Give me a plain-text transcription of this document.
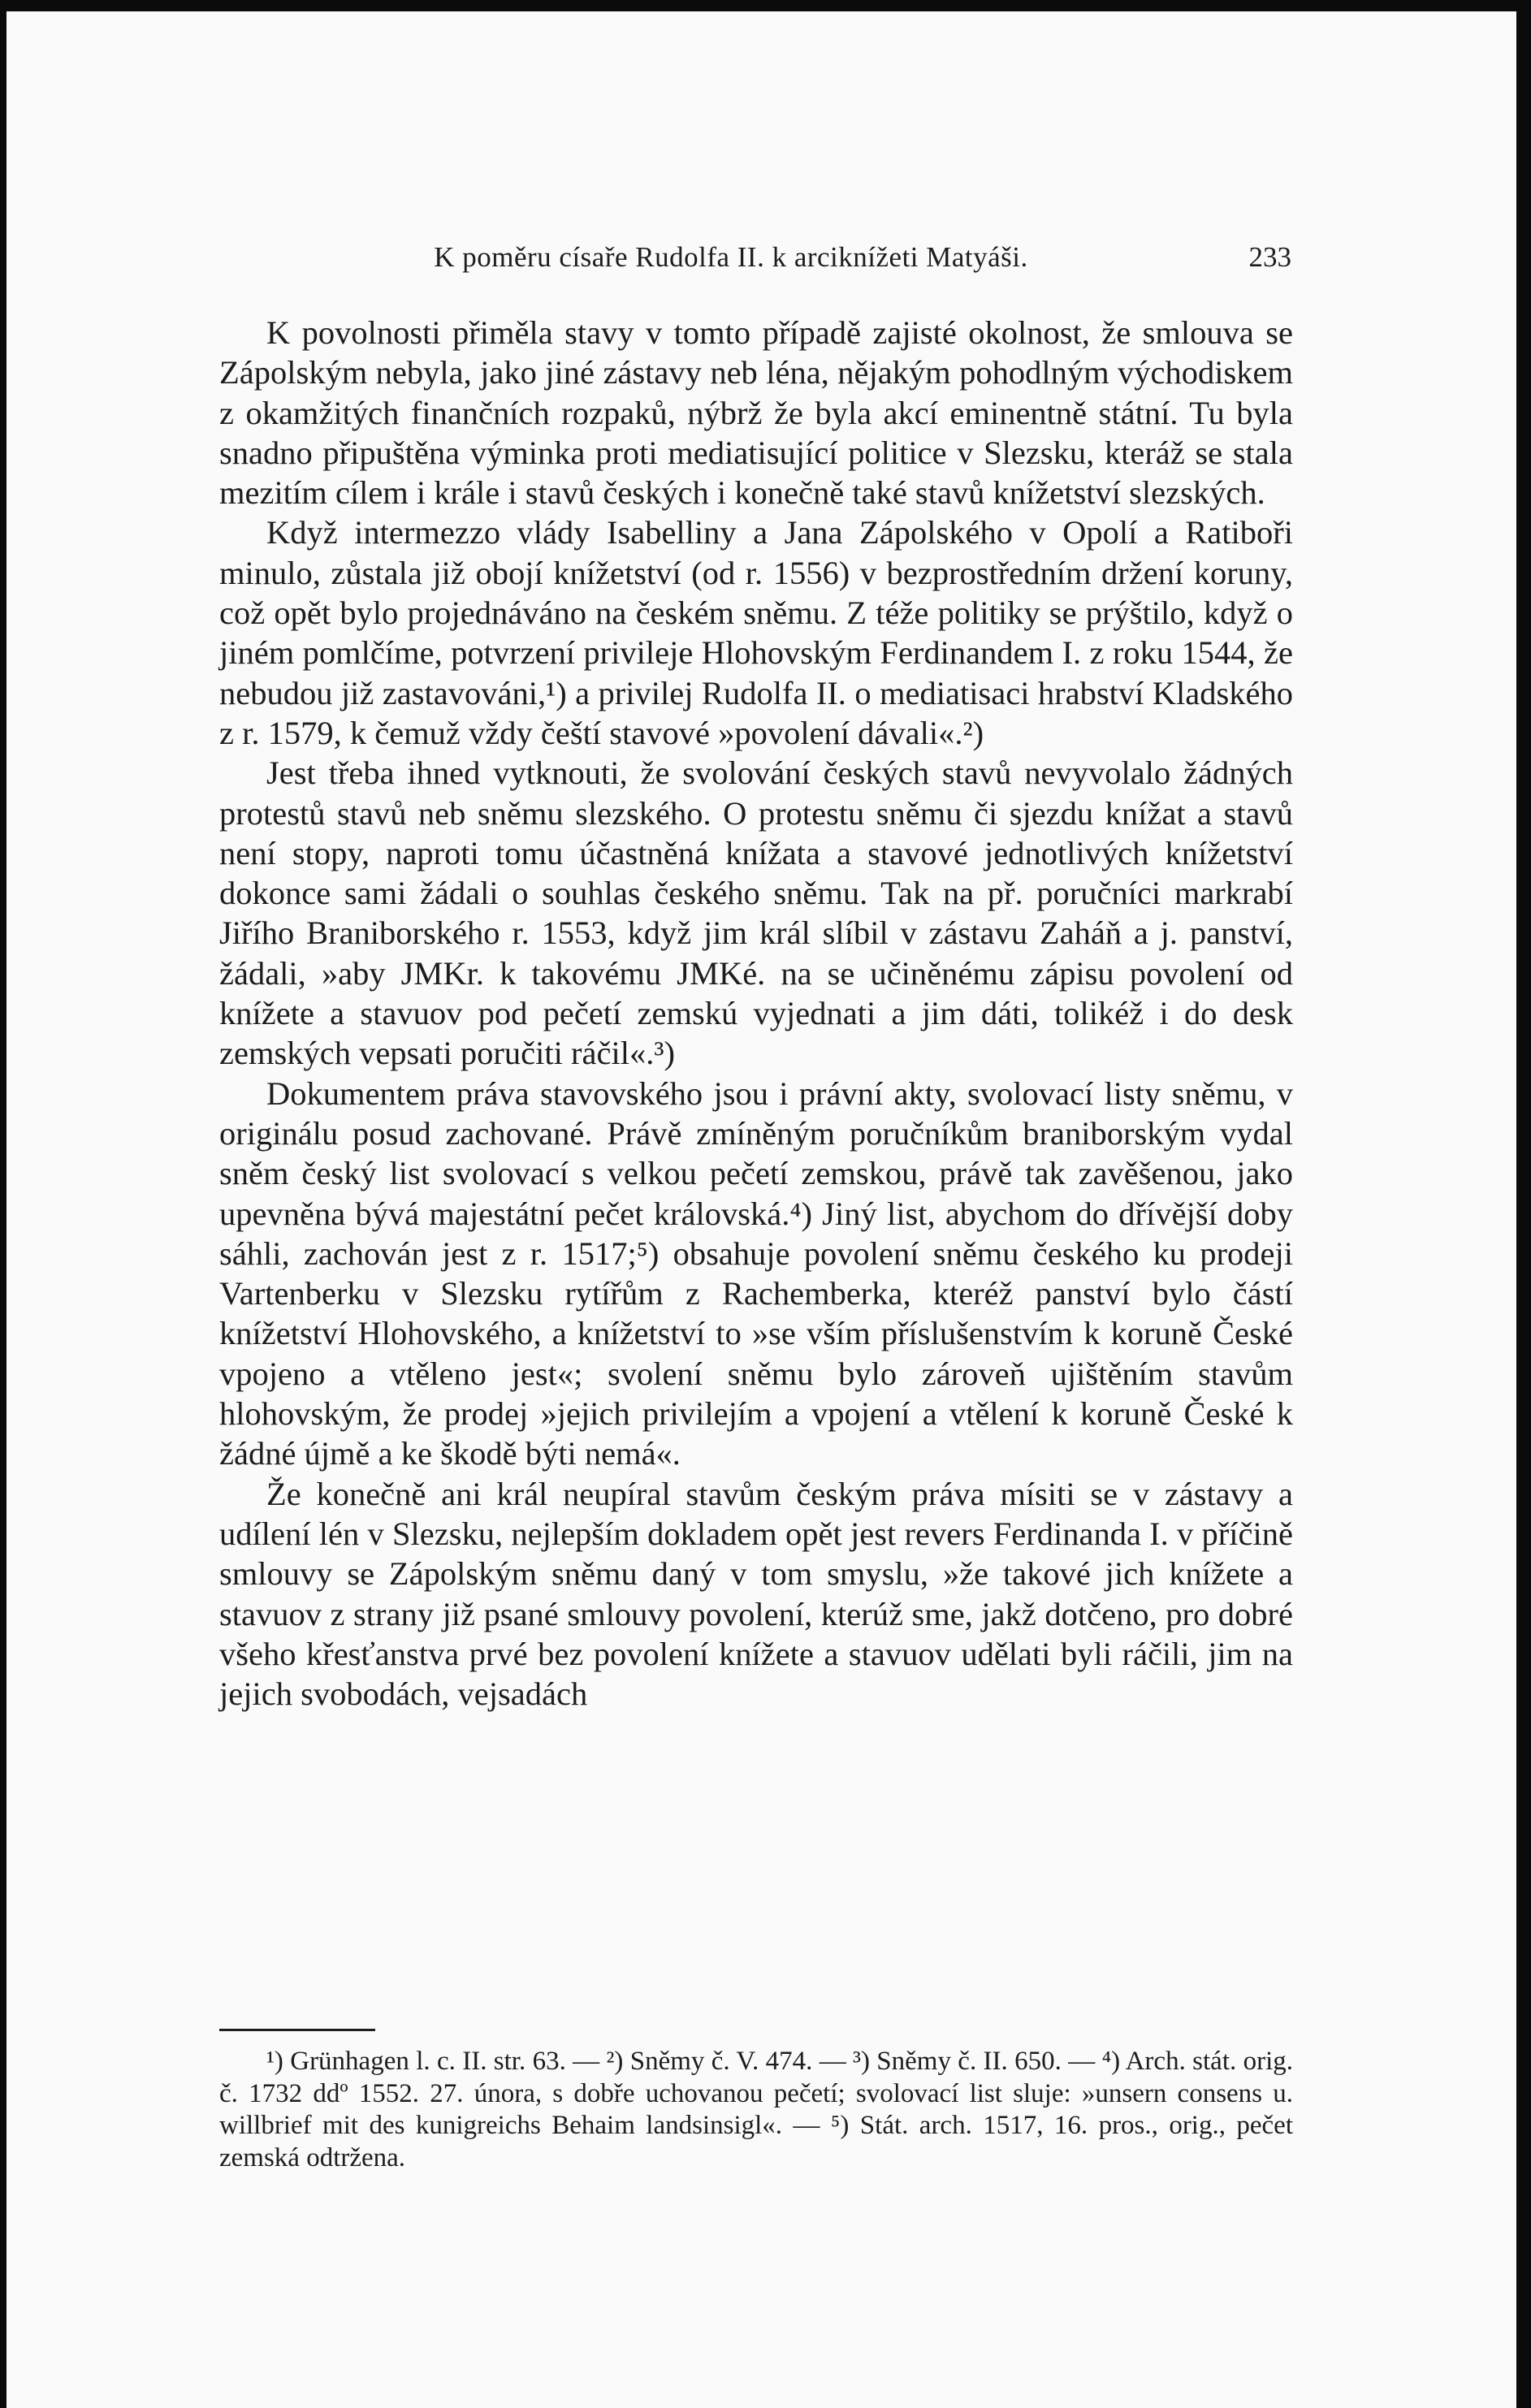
K poměru císaře Rudolfa II. k arciknížeti Matyáši.	233

K povolnosti přiměla stavy v tomto případě zajisté okolnost, že smlouva se Zápolským nebyla, jako jiné zástavy neb léna, nějakým pohodlným východiskem z okamžitých finančních rozpaků, nýbrž že byla akcí eminentně státní. Tu byla snadno připuštěna výminka proti mediatisující politice v Slezsku, kteráž se stala mezitím cílem i krále i stavů českých i konečně také stavů knížetství slezských.

Když intermezzo vlády Isabelliny a Jana Zápolského v Opolí a Ratiboři minulo, zůstala již obojí knížetství (od r. 1556) v bezprostředním držení koruny, což opět bylo projednáváno na českém sněmu. Z téže politiky se prýštilo, když o jiném pomlčíme, potvrzení privileje Hlohovským Ferdinandem I. z roku 1544, že nebudou již zastavováni,¹) a privilej Rudolfa II. o mediatisaci hrabství Kladského z r. 1579, k čemuž vždy čeští stavové »povolení dávali«.²)

Jest třeba ihned vytknouti, že svolování českých stavů nevyvolalo žádných protestů stavů neb sněmu slezského. O protestu sněmu či sjezdu knížat a stavů není stopy, naproti tomu účastněná knížata a stavové jednotlivých knížetství dokonce sami žádali o souhlas českého sněmu. Tak na př. poručníci markrabí Jiřího Braniborského r. 1553, když jim král slíbil v zástavu Zaháň a j. panství, žádali, »aby JMKr. k takovému JMKé. na se učiněnému zápisu povolení od knížete a stavuov pod pečetí zemskú vyjednati a jim dáti, tolikéž i do desk zemských vepsati poručiti ráčil«.³)

Dokumentem práva stavovského jsou i právní akty, svolovací listy sněmu, v originálu posud zachované. Právě zmíněným poručníkům braniborským vydal sněm český list svolovací s velkou pečetí zemskou, právě tak zavěšenou, jako upevněna bývá majestátní pečet královská.⁴) Jiný list, abychom do dřívější doby sáhli, zachován jest z r. 1517;⁵) obsahuje povolení sněmu českého ku prodeji Vartenberku v Slezsku rytířům z Rachemberka, kteréž panství bylo částí knížetství Hlohovského, a knížetství to »se vším příslušenstvím k koruně České vpojeno a vtěleno jest«; svolení sněmu bylo zároveň ujištěním stavům hlohovským, že prodej »jejich privilejím a vpojení a vtělení k koruně České k žádné újmě a ke škodě býti nemá«.

Že konečně ani král neupíral stavům českým práva mísiti se v zástavy a udílení lén v Slezsku, nejlepším dokladem opět jest revers Ferdinanda I. v příčině smlouvy se Zápolským sněmu daný v tom smyslu, »že takové jich knížete a stavuov z strany již psané smlouvy povolení, kterúž sme, jakž dotčeno, pro dobré všeho křesťanstva prvé bez povolení knížete a stavuov udělati byli ráčili, jim na jejich svobodách, vejsadách

¹) Grünhagen l. c. II. str. 63. — ²) Sněmy č. V. 474. — ³) Sněmy č. II. 650. — ⁴) Arch. stát. orig. č. 1732 ddº 1552. 27. února, s dobře uchovanou pečetí; svolovací list sluje: »unsern consens u. willbrief mit des kunigreichs Behaim landsinsigl«. — ⁵) Stát. arch. 1517, 16. pros., orig., pečet zemská odtržena.
